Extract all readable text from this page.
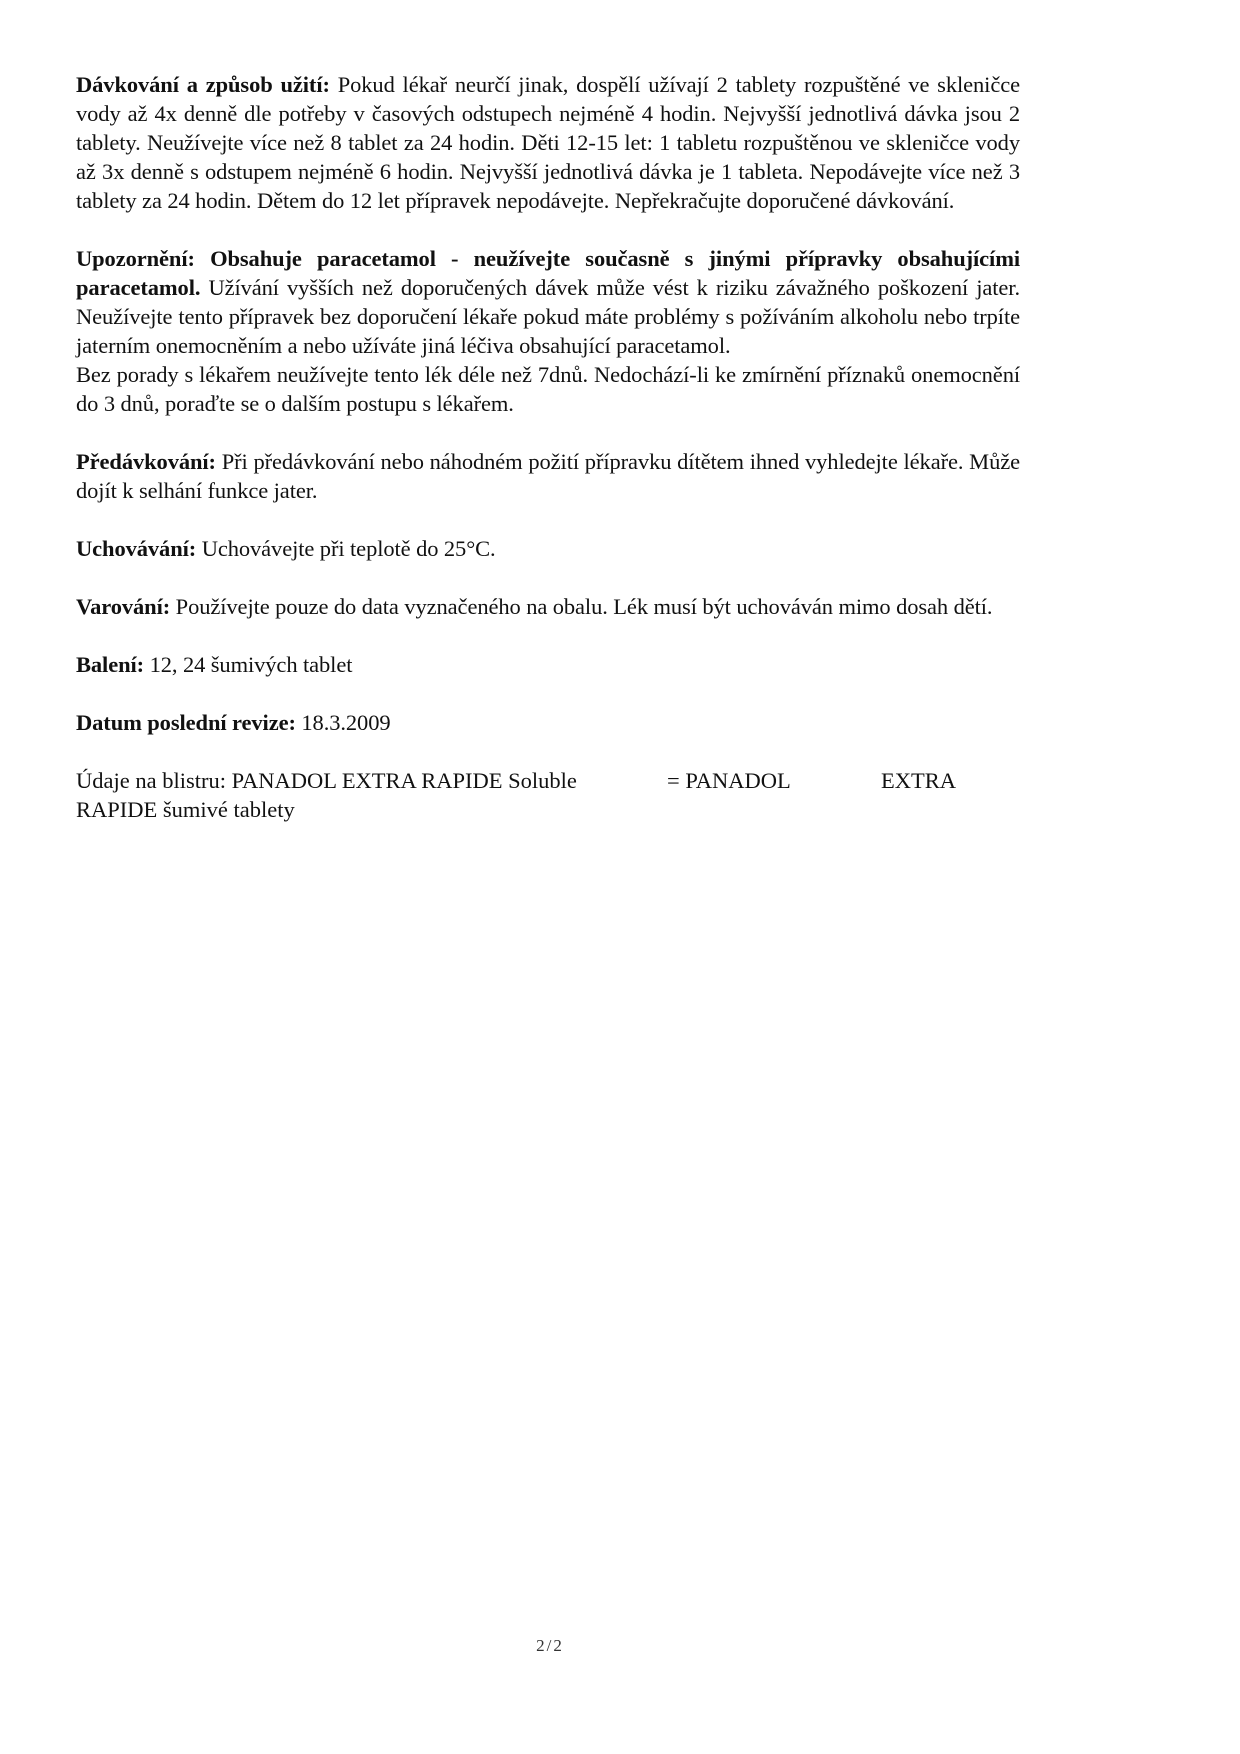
Dávkování a způsob užití: Pokud lékař neurčí jinak, dospělí užívají 2 tablety rozpuštěné ve skleničce vody až 4x denně dle potřeby v časových odstupech nejméně 4 hodin. Nejvyšší jednotlivá dávka jsou 2 tablety. Neužívejte více než 8 tablet za 24 hodin. Děti 12-15 let: 1 tabletu rozpuštěnou ve skleničce vody až 3x denně s odstupem nejméně 6 hodin. Nejvyšší jednotlivá dávka je 1 tableta. Nepodávejte více než 3 tablety za 24 hodin. Dětem do 12 let přípravek nepodávejte. Nepřekračujte doporučené dávkování.

Upozornění: Obsahuje paracetamol - neužívejte současně s jinými přípravky obsahujícími paracetamol. Užívání vyšších než doporučených dávek může vést k riziku závažného poškození jater. Neužívejte tento přípravek bez doporučení lékaře pokud máte problémy s požíváním alkoholu nebo trpíte jaterním onemocněním a nebo užíváte jiná léčiva obsahující paracetamol.
Bez porady s lékařem neužívejte tento lék déle než 7dnů. Nedochází-li ke zmírnění příznaků onemocnění do 3 dnů, poraďte se o dalším postupu s lékařem.

Předávkování: Při předávkování nebo náhodném požití přípravku dítětem ihned vyhledejte lékaře. Může dojít k selhání funkce jater.

Uchovávání: Uchovávejte při teplotě do 25°C.

Varování: Používejte pouze do data vyznačeného na obalu. Lék musí být uchováván mimo dosah dětí.

Balení: 12, 24 šumivých tablet

Datum poslední revize: 18.3.2009

Údaje na blistru: PANADOL EXTRA RAPIDE Soluble	= PANADOL	EXTRA
RAPIDE šumivé tablety
2/2
